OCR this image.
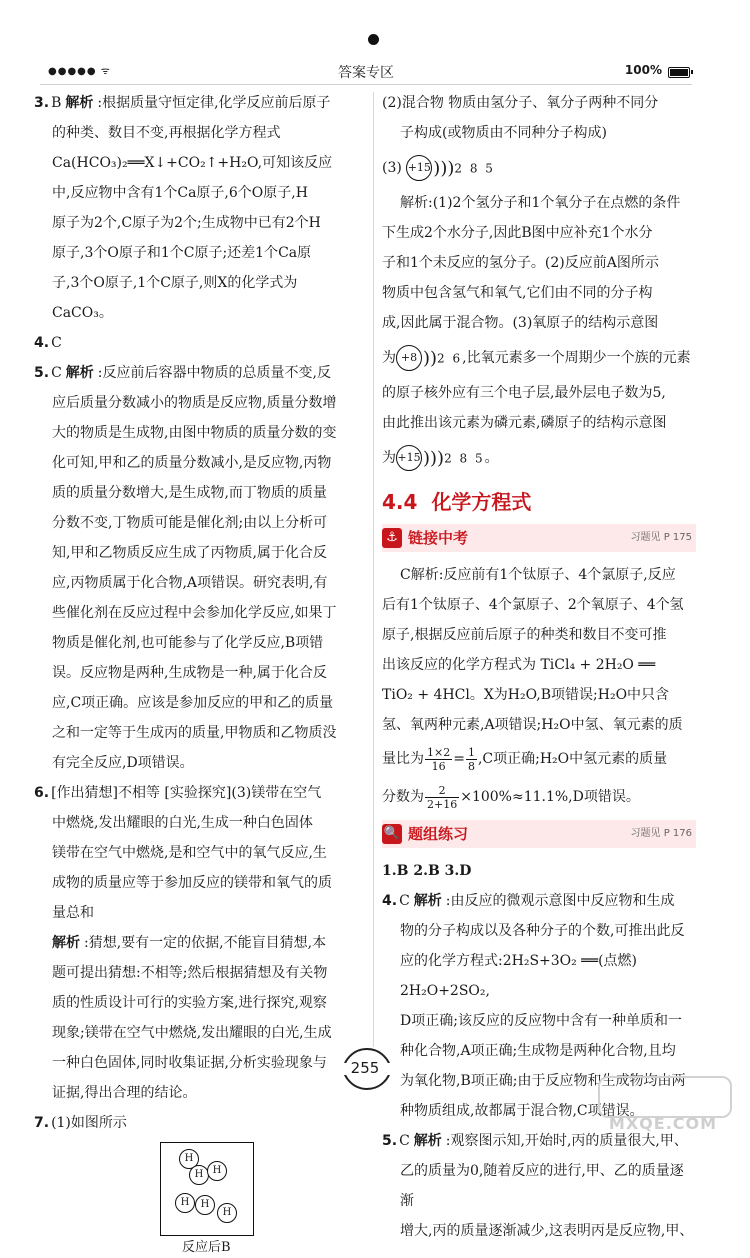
●●●●● ᯤ	答案专区	100%
3. B 解析 :根据质量守恒定律,化学反应前后原子
的种类、数目不变,再根据化学方程式
Ca(HCO₃)₂══X↓+CO₂↑+H₂O,可知该反应
中,反应物中含有1个Ca原子,6个O原子,H
原子为2个,C原子为2个;生成物中已有2个H
原子,3个O原子和1个C原子;还差1个Ca原
子,3个O原子,1个C原子,则X的化学式为
CaCO₃。
4. C
5. C 解析 :反应前后容器中物质的总质量不变,反
应后质量分数减小的物质是反应物,质量分数增
大的物质是生成物,由图中物质的质量分数的变
化可知,甲和乙的质量分数减小,是反应物,丙物
质的质量分数增大,是生成物,而丁物质的质量
分数不变,丁物质可能是催化剂;由以上分析可
知,甲和乙物质反应生成了丙物质,属于化合反
应,丙物质属于化合物,A项错误。研究表明,有
些催化剂在反应过程中会参加化学反应,如果丁
物质是催化剂,也可能参与了化学反应,B项错
误。反应物是两种,生成物是一种,属于化合反
应,C项正确。应该是参加反应的甲和乙的质量
之和一定等于生成丙的质量,甲物质和乙物质没
有完全反应,D项错误。
6. [作出猜想]不相等 [实验探究](3)镁带在空气
中燃烧,发出耀眼的白光,生成一种白色固体
镁带在空气中燃烧,是和空气中的氧气反应,生
成物的质量应等于参加反应的镁带和氧气的质
量总和
解析 :猜想,要有一定的依据,不能盲目猜想,本
题可提出猜想:不相等;然后根据猜想及有关物
质的性质设计可行的实验方案,进行探究,观察
现象;镁带在空气中燃烧,发出耀眼的白光,生成
一种白色固体,同时收集证据,分析实验现象与
证据,得出合理的结论。
7. (1)如图所示
H
H H
H	H
H
反应后B
(2)混合物 物质由氢分子、氧分子两种不同分
子构成(或物质由不同种分子构成)
(3) +15 )))2 8 5
解析:(1)2个氢分子和1个氧分子在点燃的条件
下生成2个水分子,因此B图中应补充1个水分
子和1个未反应的氢分子。(2)反应前A图所示
物质中包含氢气和氧气,它们由不同的分子构
成,因此属于混合物。(3)氧原子的结构示意图
为 +8 ))2 6,比氧元素多一个周期少一个族的元素
的原子核外应有三个电子层,最外层电子数为5,
由此推出该元素为磷元素,磷原子的结构示意图
为+15 )))2 8 5。
4.4 化学方程式
⚓ 链接中考	习题见 P 175
C解析:反应前有1个钛原子、4个氯原子,反应
后有1个钛原子、4个氯原子、2个氧原子、4个氢
原子,根据反应前后原子的种类和数目不变可推
出该反应的化学方程式为 TiCl₄ + 2H₂O ══
TiO₂ + 4HCl。X为H₂O,B项错误;H₂O中只含
氢、氧两种元素,A项错误;H₂O中氢、氧元素的质
量比为 $\frac{1\times 2}{16} = \frac{1}{8} ,C$项正确;H₂O中氢元素的质量
分数为 $\frac{2}{2+16} \times 100\%\approx 11.1\%,D$项错误。
🔍 题组练习	习题见 P 176
1.B 2.B 3.D
4. C 解析 :由反应的微观示意图中反应物和生成
物的分子构成以及各种分子的个数,可推出此反
应的化学方程式:2H₂S+3O₂ ══(点燃) 2H₂O+2SO₂,
D项正确;该反应的反应物中含有一种单质和一
种化合物,A项正确;生成物是两种化合物,且均
为氧化物,B项正确;由于反应物和生成物均由两
种物质组成,故都属于混合物,C项错误。
5. C 解析 :观察图示知,开始时,丙的质量很大,甲、
乙的质量为0,随着反应的进行,甲、乙的质量逐渐
增大,丙的质量逐渐减少,这表明丙是反应物,甲、
255
MXQE.COM
